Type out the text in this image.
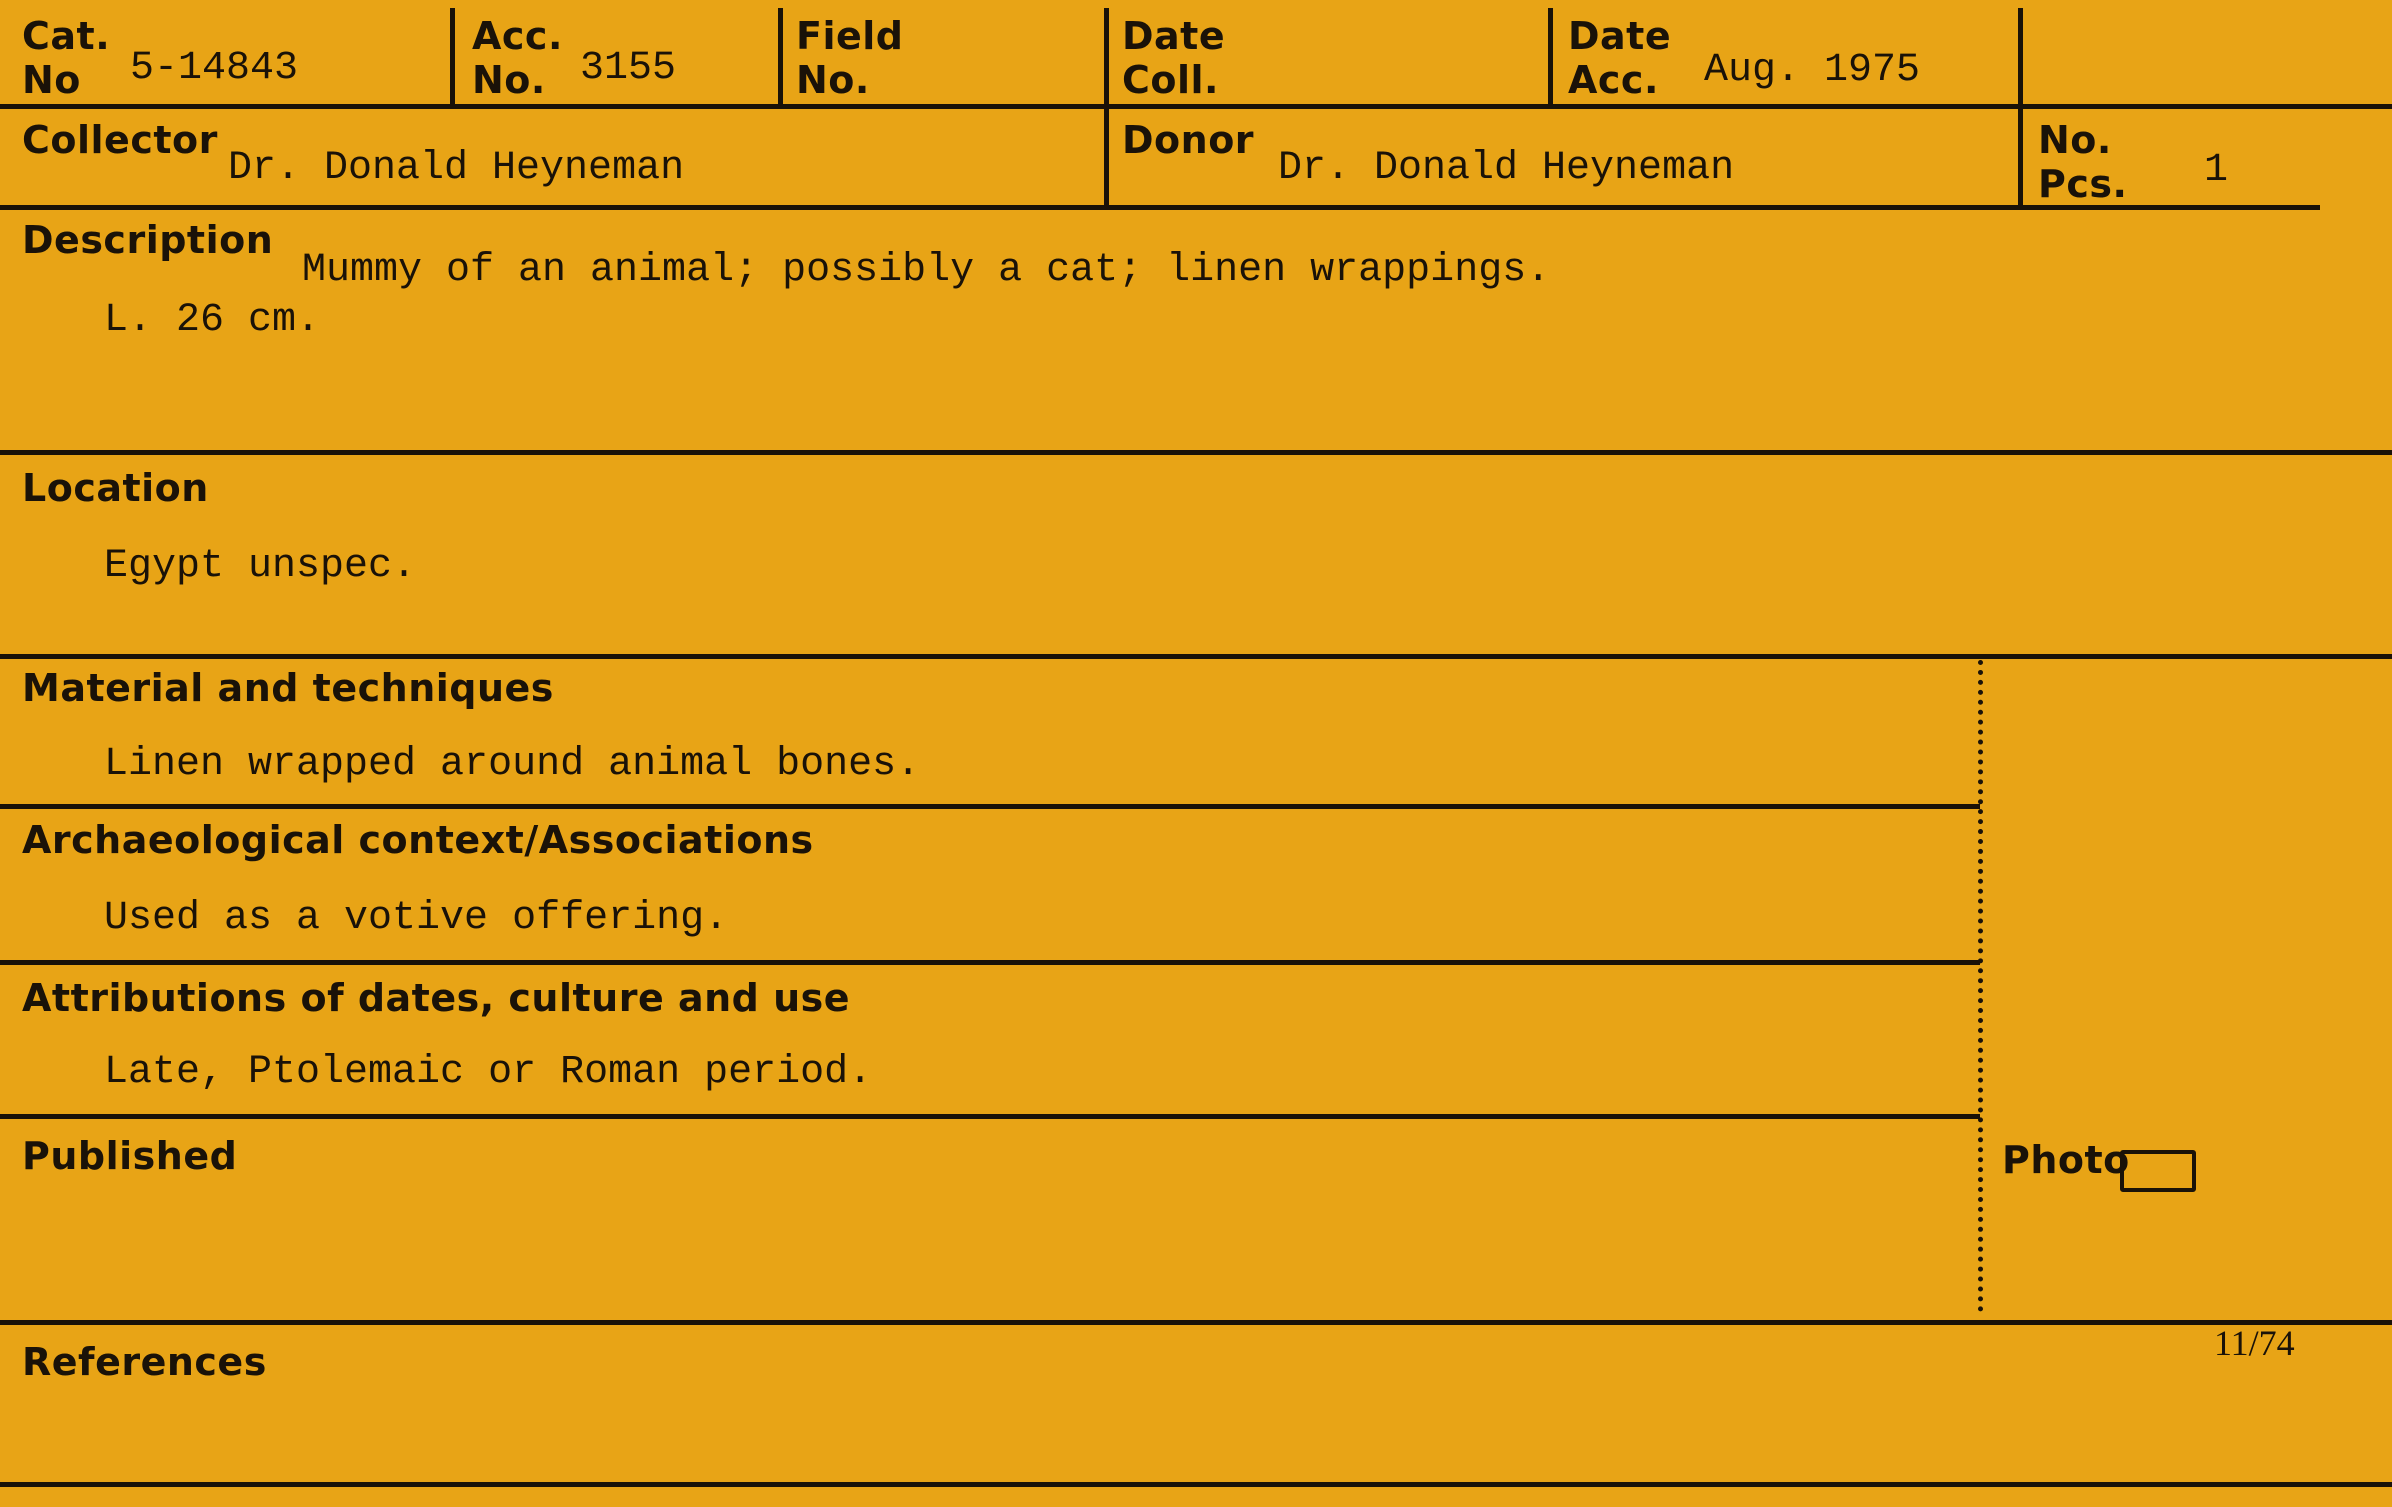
Cat.
No 5-14843
Acc.
No. 3155
Field
No.
Date
Coll.
Date
Acc. Aug. 1975
Collector
Dr. Donald Heyneman
Donor
Dr. Donald Heyneman
No.
Pcs. 1
Description
Mummy of an animal; possibly a cat; linen wrappings.
L. 26 cm.
Location
Egypt unspec.
Material and techniques
Linen wrapped around animal bones.
Archaeological context/Associations
Used as a votive offering.
Attributions of dates, culture and use
Late, Ptolemaic or Roman period.
Published	Photo
References	11/74
